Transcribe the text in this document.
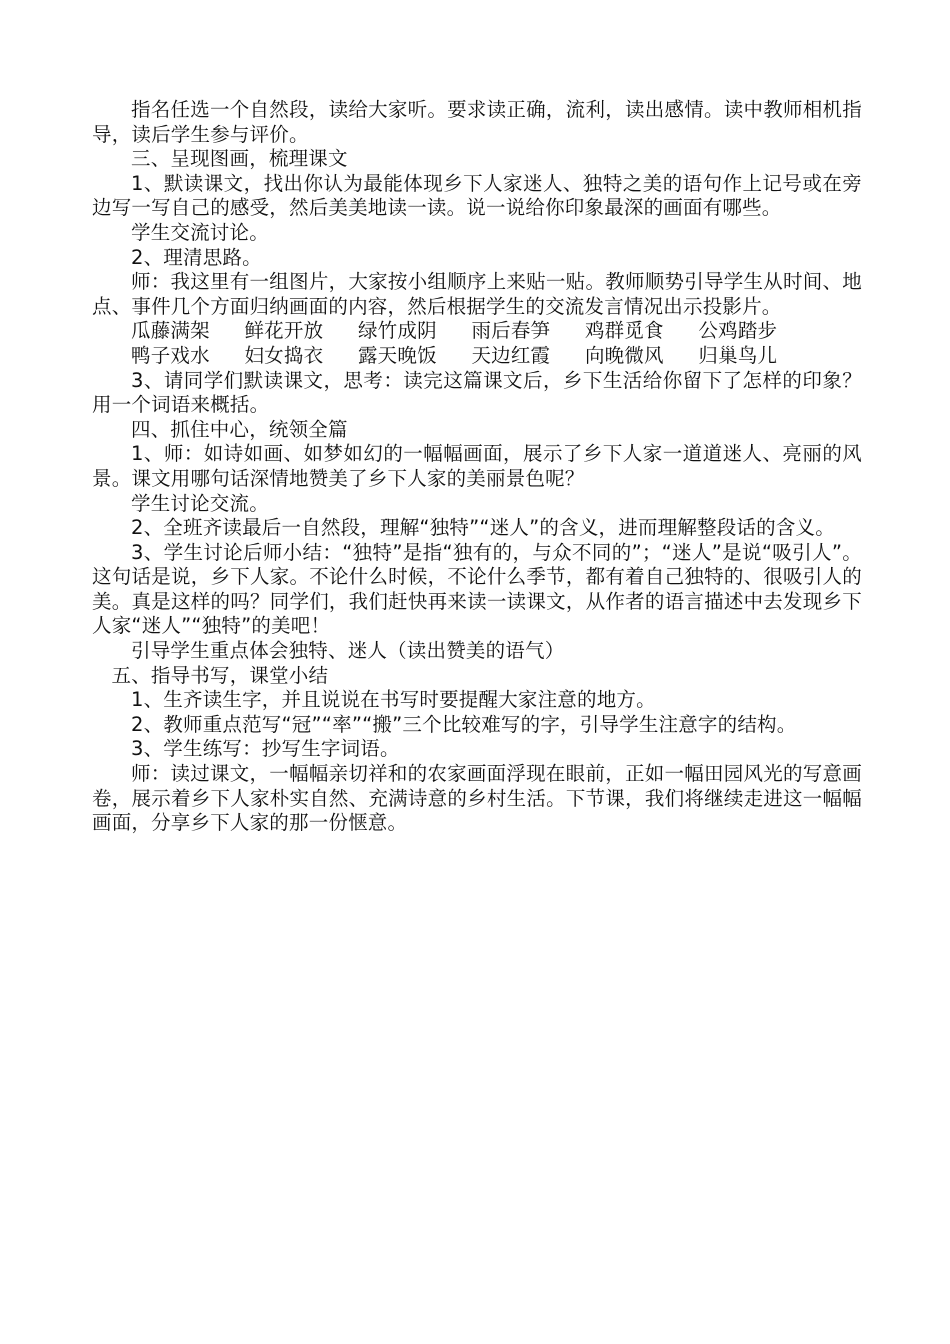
指名任选一个自然段，读给大家听。要求读正确，流利，读出感情。读中教师相机指导，读后学生参与评价。

三、呈现图画，梳理课文

1、默读课文，找出你认为最能体现乡下人家迷人、独特之美的语句作上记号或在旁边写一写自己的感受，然后美美地读一读。说一说给你印象最深的画面有哪些。

学生交流讨论。

2、理清思路。

师：我这里有一组图片，大家按小组顺序上来贴一贴。教师顺势引导学生从时间、地点、事件几个方面归纳画面的内容，然后根据学生的交流发言情况出示投影片。

瓜藤满架 鲜花开放 绿竹成阴 雨后春笋 鸡群觅食 公鸡踏步
鸭子戏水 妇女捣衣 露天晚饭 天边红霞 向晚微风 归巢鸟儿

3、请同学们默读课文，思考：读完这篇课文后，乡下生活给你留下了怎样的印象？用一个词语来概括。

四、抓住中心，统领全篇

1、师：如诗如画、如梦如幻的一幅幅画面，展示了乡下人家一道道迷人、亮丽的风景。课文用哪句话深情地赞美了乡下人家的美丽景色呢？

学生讨论交流。

2、全班齐读最后一自然段，理解“独特”“迷人”的含义，进而理解整段话的含义。

3、学生讨论后师小结：“独特”是指“独有的，与众不同的”；“迷人”是说“吸引人”。这句话是说，乡下人家。不论什么时候，不论什么季节，都有着自己独特的、很吸引人的美。真是这样的吗？同学们，我们赶快再来读一读课文，从作者的语言描述中去发现乡下人家“迷人”“独特”的美吧！

引导学生重点体会独特、迷人（读出赞美的语气）

五、指导书写，课堂小结

1、生齐读生字，并且说说在书写时要提醒大家注意的地方。

2、教师重点范写“冠”“率”“搬”三个比较难写的字，引导学生注意字的结构。

3、学生练写：抄写生字词语。

师：读过课文，一幅幅亲切祥和的农家画面浮现在眼前，正如一幅田园风光的写意画卷，展示着乡下人家朴实自然、充满诗意的乡村生活。下节课，我们将继续走进这一幅幅画面，分享乡下人家的那一份惬意。
